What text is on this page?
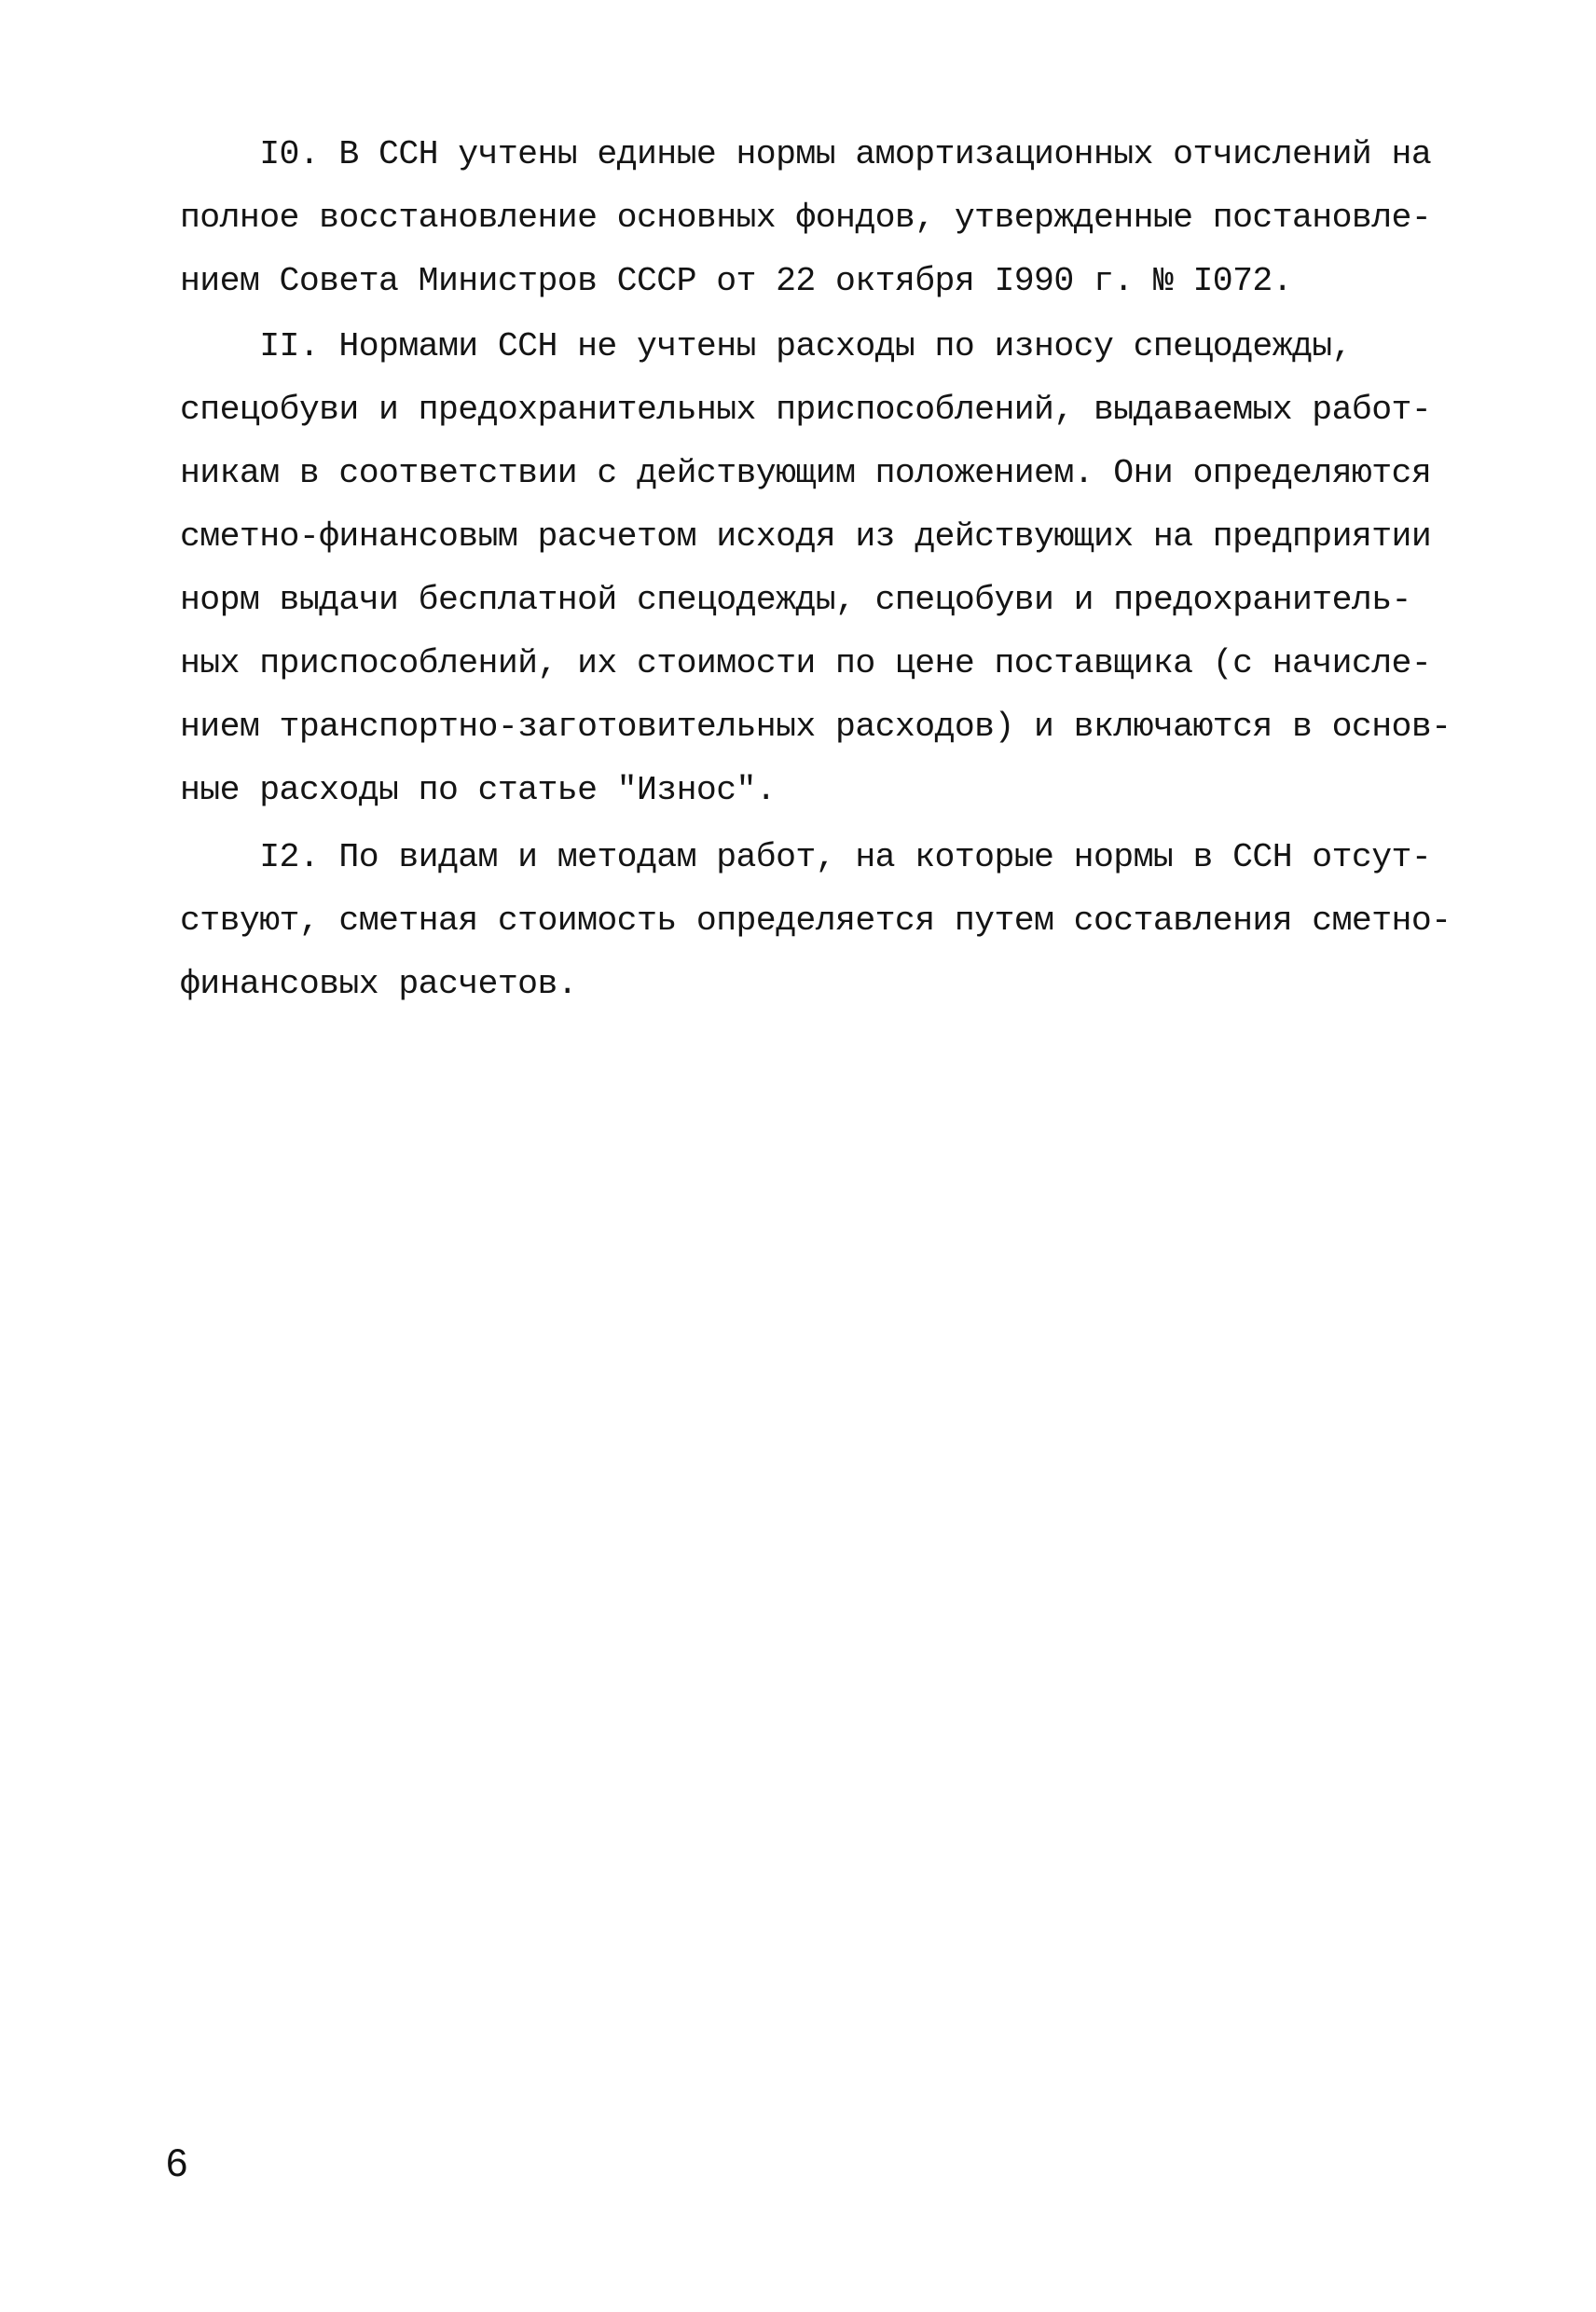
I0. В ССН учтены единые нормы амортизационных отчислений на
полное восстановление основных фондов, утвержденные постановле-
нием Совета Министров СССР от 22 октября I990 г. № I072.
II. Нормами ССН не учтены расходы по износу спецодежды,
спецобуви и предохранительных приспособлений, выдаваемых работ-
никам в соответствии с действующим положением. Они определяются
сметно-финансовым расчетом исходя из действующих на предприятии
норм выдачи бесплатной спецодежды, спецобуви и предохранитель-
ных приспособлений, их стоимости по цене поставщика (с начисле-
нием транспортно-заготовительных расходов) и включаются в основ-
ные расходы по статье "Износ".
I2. По видам и методам работ, на которые нормы в ССН отсут-
ствуют, сметная стоимость определяется путем составления сметно-
финансовых расчетов.
6
